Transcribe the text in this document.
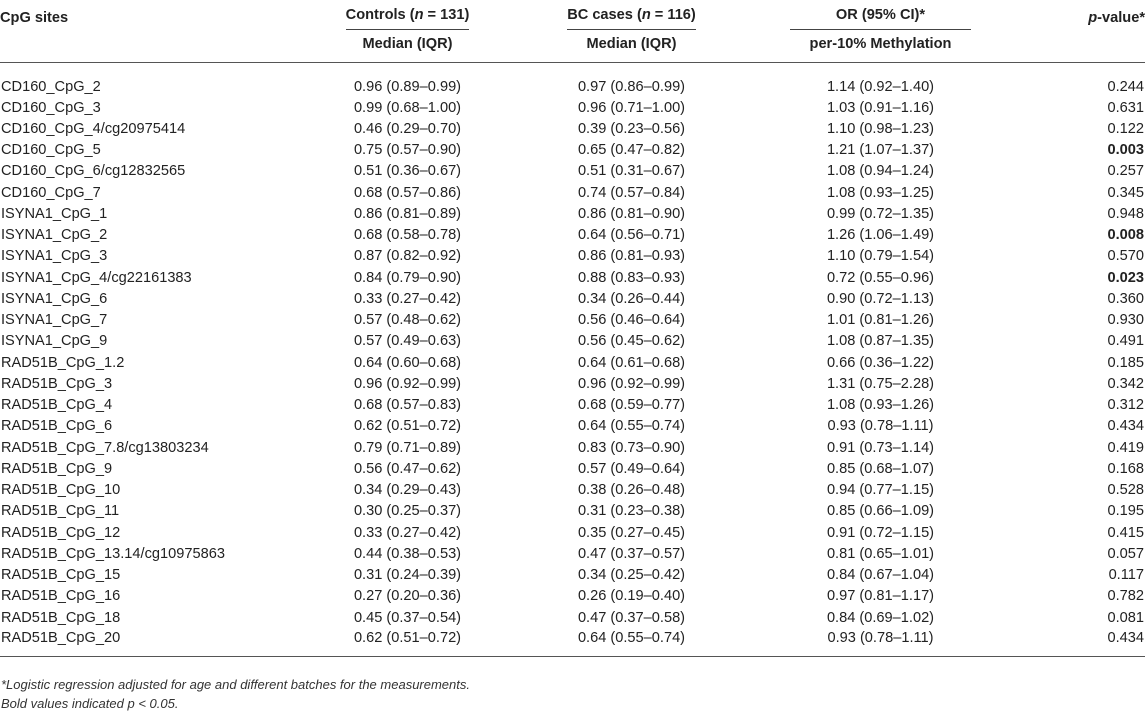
CpG sites	Controls (n = 131)	BC cases (n = 116)	OR (95% CI)*	p-value*
	Median (IQR)	Median (IQR)	per-10% Methylation	
CD160_CpG_2	0.96 (0.89–0.99)	0.97 (0.86–0.99)	1.14 (0.92–1.40)	0.244
CD160_CpG_3	0.99 (0.68–1.00)	0.96 (0.71–1.00)	1.03 (0.91–1.16)	0.631
CD160_CpG_4/cg20975414	0.46 (0.29–0.70)	0.39 (0.23–0.56)	1.10 (0.98–1.23)	0.122
CD160_CpG_5	0.75 (0.57–0.90)	0.65 (0.47–0.82)	1.21 (1.07–1.37)	0.003
CD160_CpG_6/cg12832565	0.51 (0.36–0.67)	0.51 (0.31–0.67)	1.08 (0.94–1.24)	0.257
CD160_CpG_7	0.68 (0.57–0.86)	0.74 (0.57–0.84)	1.08 (0.93–1.25)	0.345
ISYNA1_CpG_1	0.86 (0.81–0.89)	0.86 (0.81–0.90)	0.99 (0.72–1.35)	0.948
ISYNA1_CpG_2	0.68 (0.58–0.78)	0.64 (0.56–0.71)	1.26 (1.06–1.49)	0.008
ISYNA1_CpG_3	0.87 (0.82–0.92)	0.86 (0.81–0.93)	1.10 (0.79–1.54)	0.570
ISYNA1_CpG_4/cg22161383	0.84 (0.79–0.90)	0.88 (0.83–0.93)	0.72 (0.55–0.96)	0.023
ISYNA1_CpG_6	0.33 (0.27–0.42)	0.34 (0.26–0.44)	0.90 (0.72–1.13)	0.360
ISYNA1_CpG_7	0.57 (0.48–0.62)	0.56 (0.46–0.64)	1.01 (0.81–1.26)	0.930
ISYNA1_CpG_9	0.57 (0.49–0.63)	0.56 (0.45–0.62)	1.08 (0.87–1.35)	0.491
RAD51B_CpG_1.2	0.64 (0.60–0.68)	0.64 (0.61–0.68)	0.66 (0.36–1.22)	0.185
RAD51B_CpG_3	0.96 (0.92–0.99)	0.96 (0.92–0.99)	1.31 (0.75–2.28)	0.342
RAD51B_CpG_4	0.68 (0.57–0.83)	0.68 (0.59–0.77)	1.08 (0.93–1.26)	0.312
RAD51B_CpG_6	0.62 (0.51–0.72)	0.64 (0.55–0.74)	0.93 (0.78–1.11)	0.434
RAD51B_CpG_7.8/cg13803234	0.79 (0.71–0.89)	0.83 (0.73–0.90)	0.91 (0.73–1.14)	0.419
RAD51B_CpG_9	0.56 (0.47–0.62)	0.57 (0.49–0.64)	0.85 (0.68–1.07)	0.168
RAD51B_CpG_10	0.34 (0.29–0.43)	0.38 (0.26–0.48)	0.94 (0.77–1.15)	0.528
RAD51B_CpG_11	0.30 (0.25–0.37)	0.31 (0.23–0.38)	0.85 (0.66–1.09)	0.195
RAD51B_CpG_12	0.33 (0.27–0.42)	0.35 (0.27–0.45)	0.91 (0.72–1.15)	0.415
RAD51B_CpG_13.14/cg10975863	0.44 (0.38–0.53)	0.47 (0.37–0.57)	0.81 (0.65–1.01)	0.057
RAD51B_CpG_15	0.31 (0.24–0.39)	0.34 (0.25–0.42)	0.84 (0.67–1.04)	0.117
RAD51B_CpG_16	0.27 (0.20–0.36)	0.26 (0.19–0.40)	0.97 (0.81–1.17)	0.782
RAD51B_CpG_18	0.45 (0.37–0.54)	0.47 (0.37–0.58)	0.84 (0.69–1.02)	0.081
RAD51B_CpG_20	0.62 (0.51–0.72)	0.64 (0.55–0.74)	0.93 (0.78–1.11)	0.434
*Logistic regression adjusted for age and different batches for the measurements.
Bold values indicated p < 0.05.
